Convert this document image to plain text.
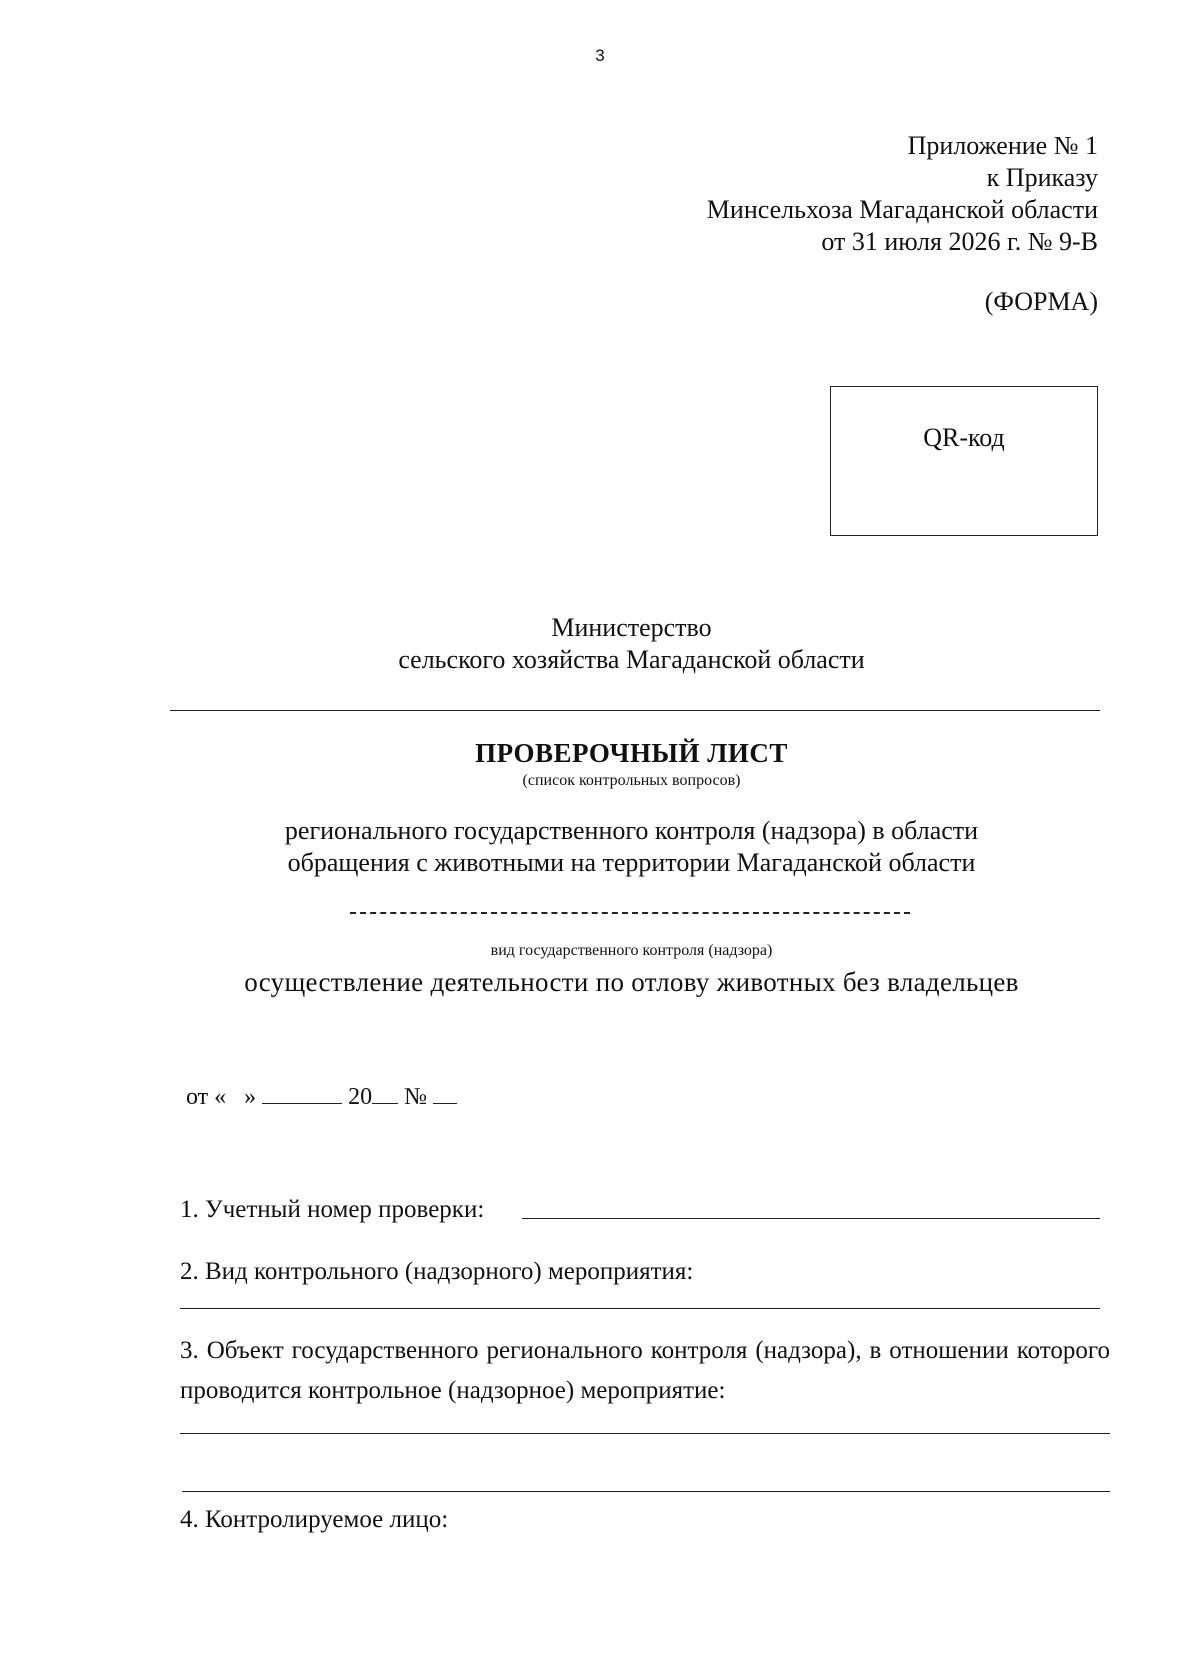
3
Приложение № 1
к Приказу
Минсельхоза Магаданской области
от 31 июля 2026 г. № 9-В
(ФОРМА)
QR-код
Министерство
сельского хозяйства Магаданской области
ПРОВЕРОЧНЫЙ ЛИСТ
(список контрольных вопросов)
регионального государственного контроля (надзора) в области
обращения с животными на территории Магаданской области
вид государственного контроля (надзора)
осуществление деятельности по отлову животных без владельцев
от «   »	20 №
1. Учетный номер проверки:
2. Вид контрольного (надзорного) мероприятия:
3. Объект государственного регионального контроля (надзора), в отношении которого проводится контрольное (надзорное) мероприятие:
4. Контролируемое лицо:
